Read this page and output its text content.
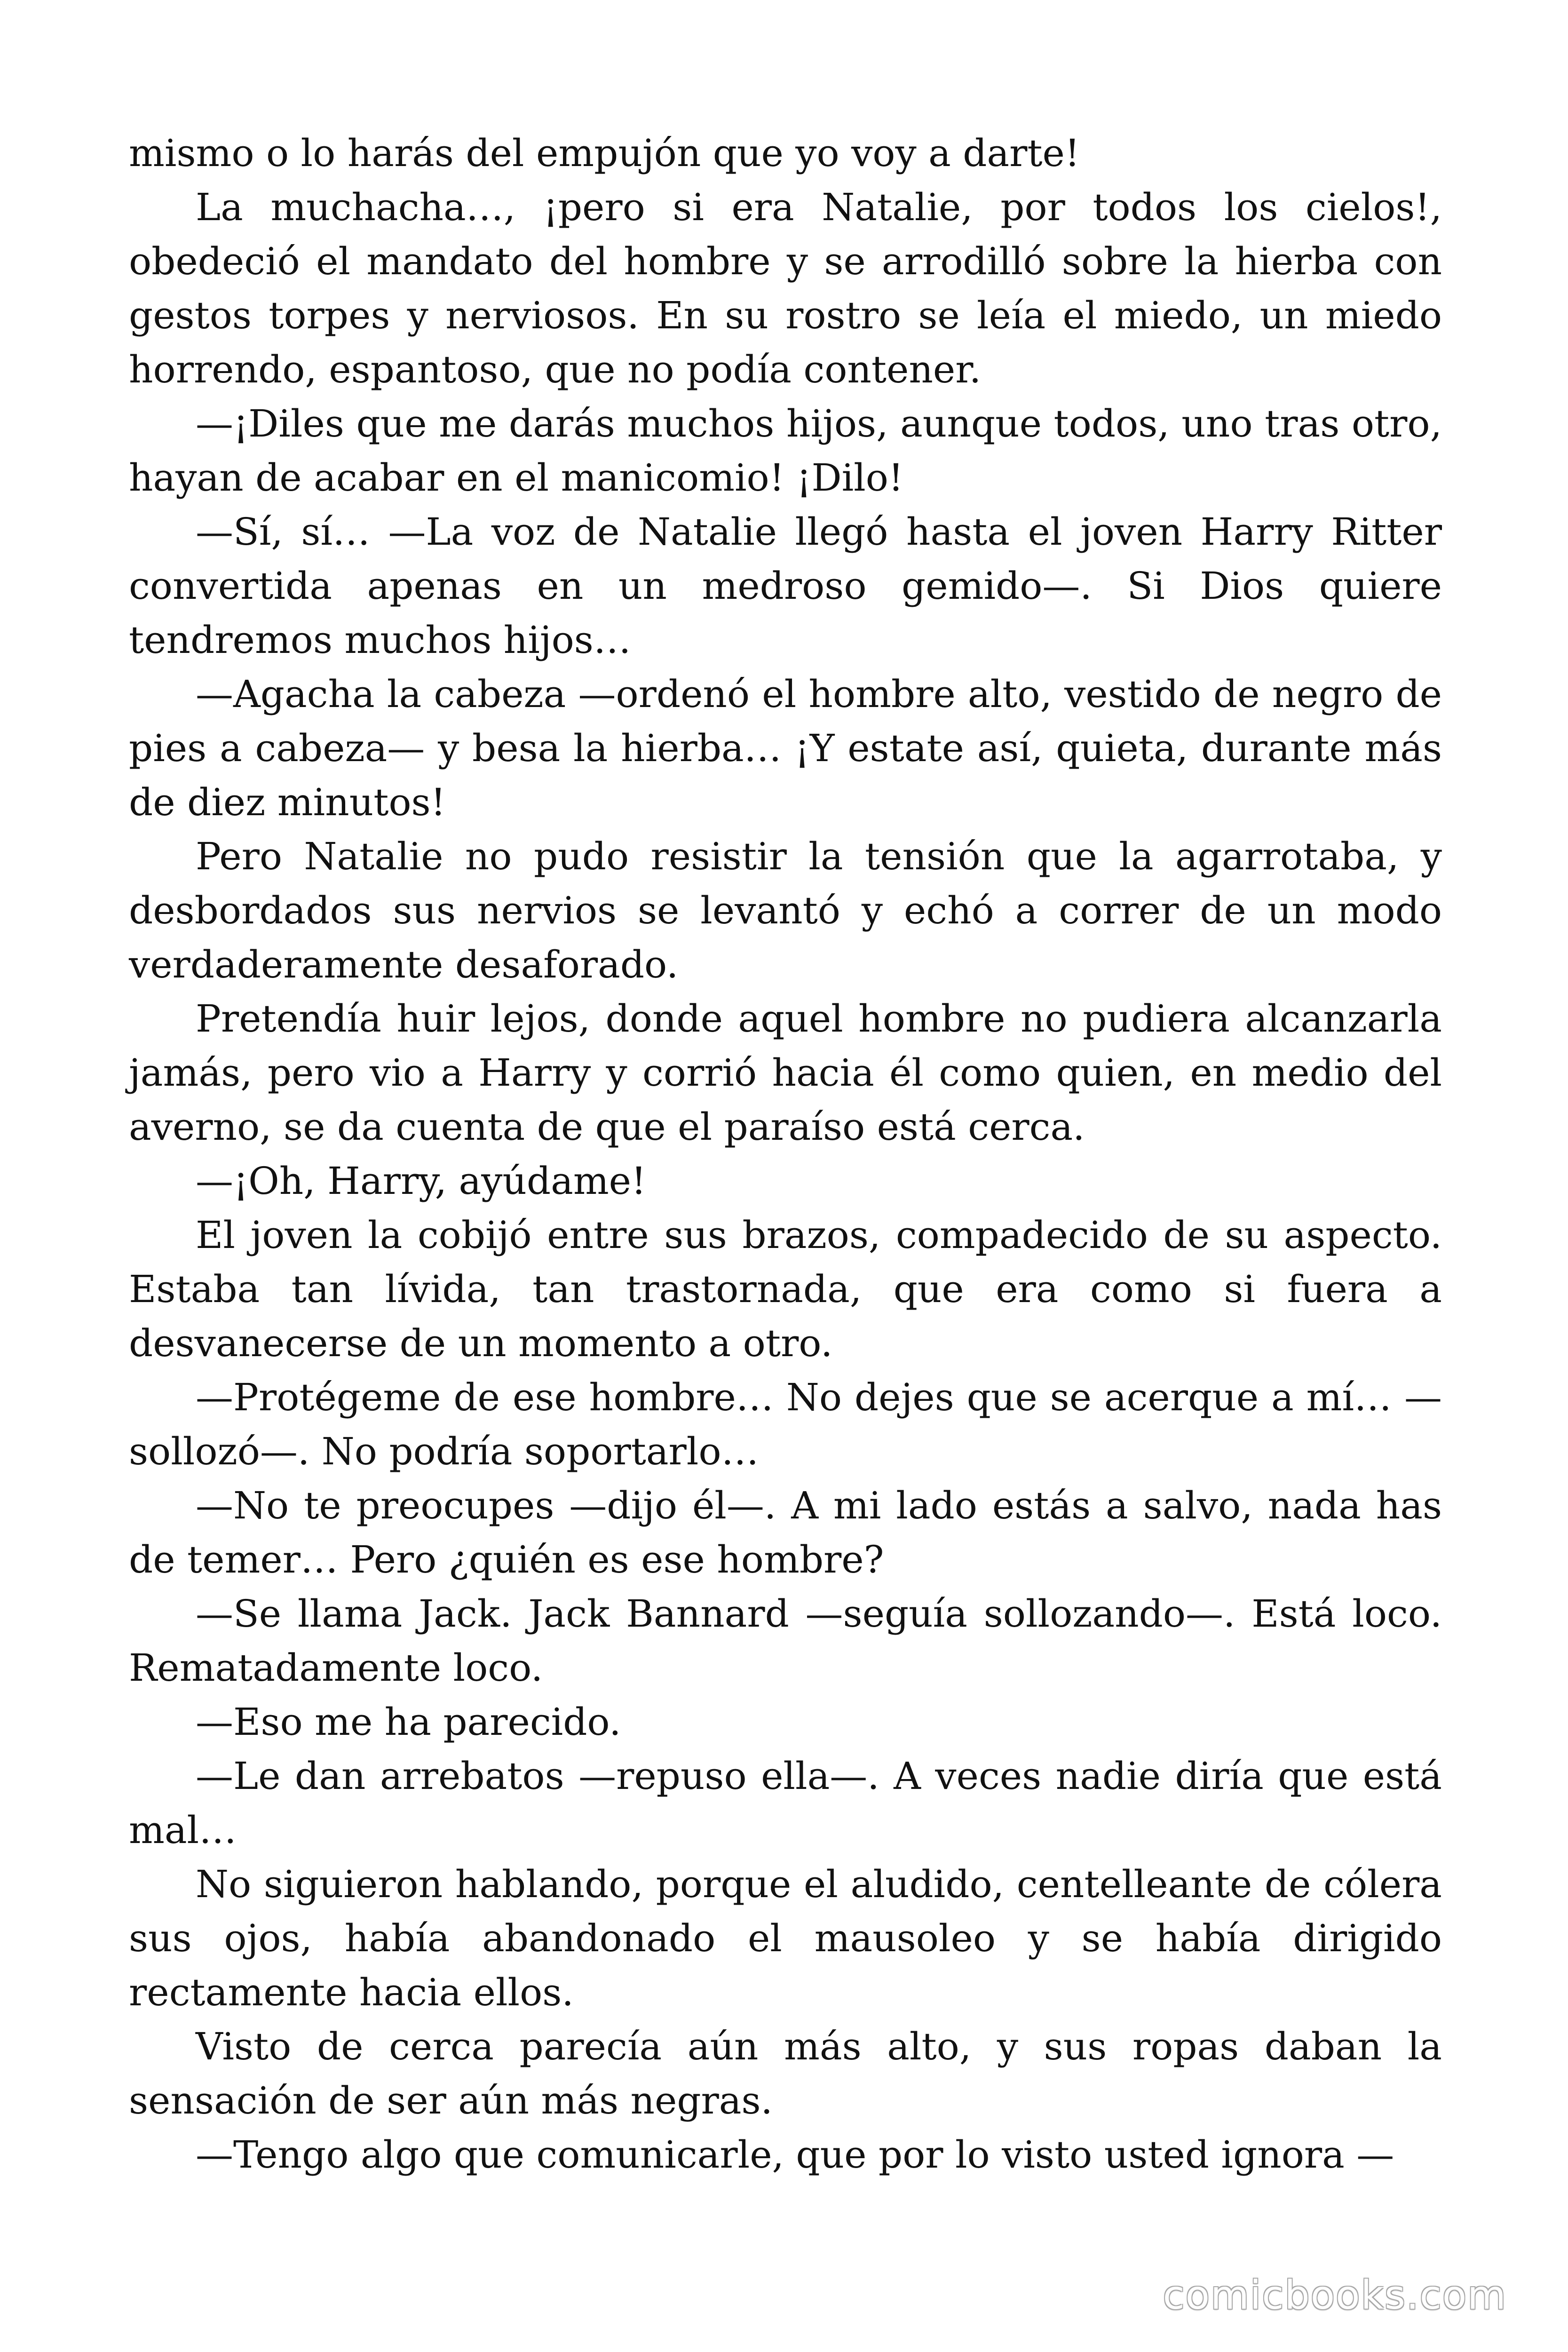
mismo o lo harás del empujón que yo voy a darte!

La muchacha…, ¡pero si era Natalie, por todos los cielos!, obedeció el mandato del hombre y se arrodilló sobre la hierba con gestos torpes y nerviosos. En su rostro se leía el miedo, un miedo horrendo, espantoso, que no podía contener.

—¡Diles que me darás muchos hijos, aunque todos, uno tras otro, hayan de acabar en el manicomio! ¡Dilo!

—Sí, sí… —La voz de Natalie llegó hasta el joven Harry Ritter convertida apenas en un medroso gemido—. Si Dios quiere tendremos muchos hijos…

—Agacha la cabeza —ordenó el hombre alto, vestido de negro de pies a cabeza— y besa la hierba… ¡Y estate así, quieta, durante más de diez minutos!

Pero Natalie no pudo resistir la tensión que la agarrotaba, y desbordados sus nervios se levantó y echó a correr de un modo verdaderamente desaforado.

Pretendía huir lejos, donde aquel hombre no pudiera alcanzarla jamás, pero vio a Harry y corrió hacia él como quien, en medio del averno, se da cuenta de que el paraíso está cerca.

—¡Oh, Harry, ayúdame!

El joven la cobijó entre sus brazos, compadecido de su aspecto. Estaba tan lívida, tan trastornada, que era como si fuera a desvanecerse de un momento a otro.

—Protégeme de ese hombre… No dejes que se acerque a mí… —sollozó—. No podría soportarlo…

—No te preocupes —dijo él—. A mi lado estás a salvo, nada has de temer… Pero ¿quién es ese hombre?

—Se llama Jack. Jack Bannard —seguía sollozando—. Está loco. Rematadamente loco.

—Eso me ha parecido.

—Le dan arrebatos —repuso ella—. A veces nadie diría que está mal…

No siguieron hablando, porque el aludido, centelleante de cólera sus ojos, había abandonado el mausoleo y se había dirigido rectamente hacia ellos.

Visto de cerca parecía aún más alto, y sus ropas daban la sensación de ser aún más negras.

—Tengo algo que comunicarle, que por lo visto usted ignora —

comicbooks.com
